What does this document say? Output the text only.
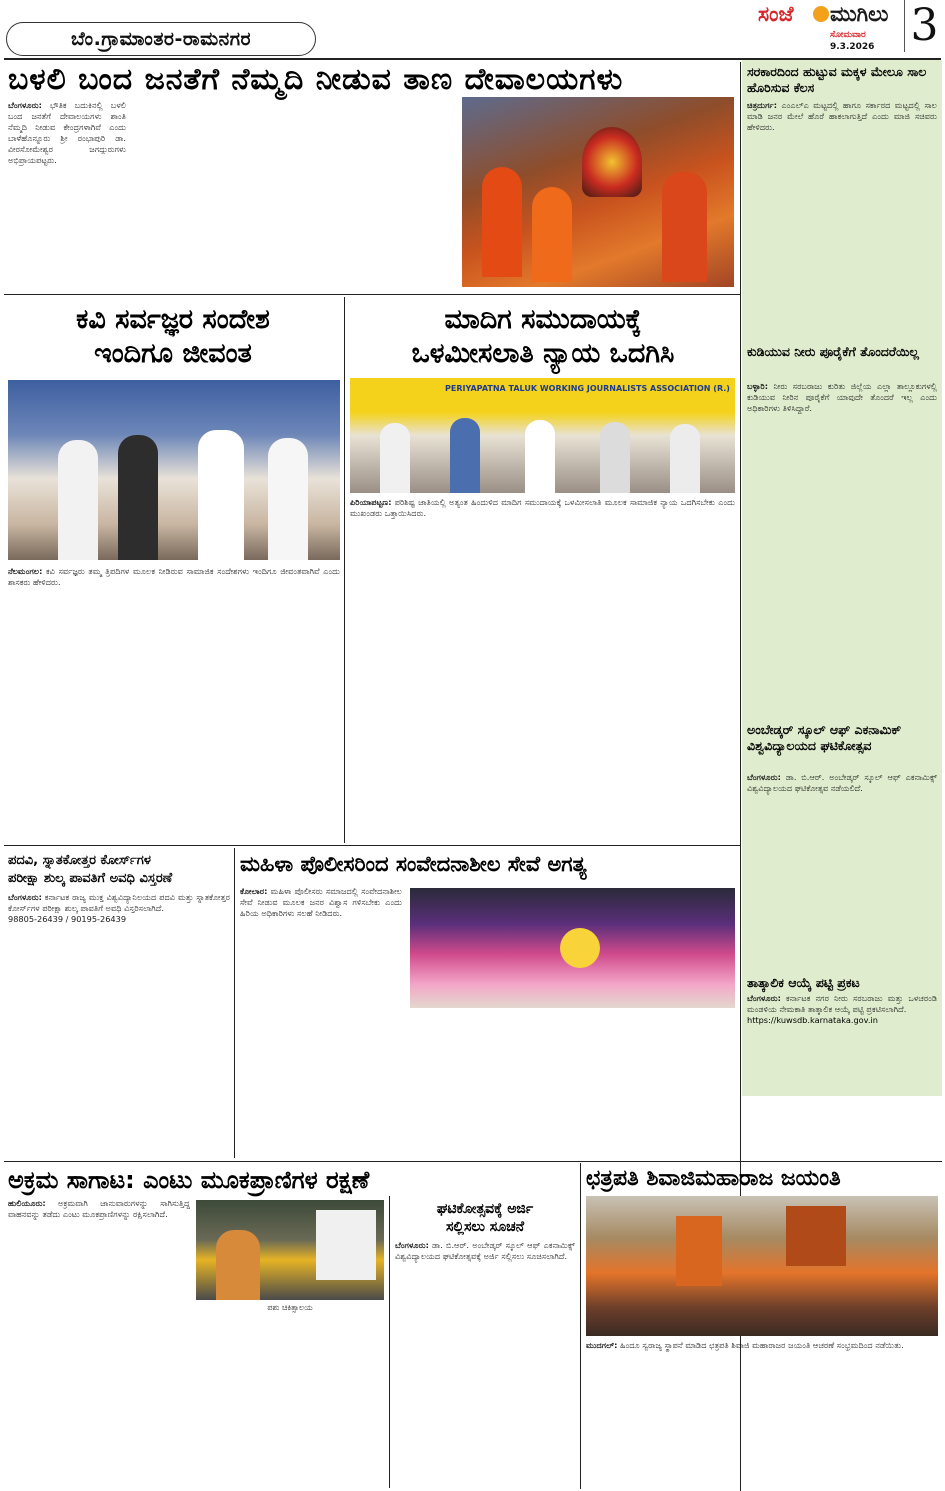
ಬೆಂ.ಗ್ರಾಮಾಂತರ-ರಾಮನಗರ
ಸಂಜೆ ಮುಗಿಲು
ಸೋಮವಾರ
9.3.2026 3
ಬಳಲಿ ಬಂದ ಜನತೆಗೆ ನೆಮ್ಮದಿ ನೀಡುವ ತಾಣ ದೇವಾಲಯಗಳು
ಬೆಂಗಳೂರು: ಭೌತಿಕ ಬದುಕಿನಲ್ಲಿ ಬಳಲಿ ಬಂದ ಜನತೆಗೆ ದೇವಾಲಯಗಳು ಶಾಂತಿ ನೆಮ್ಮದಿ ನೀಡುವ ಕೇಂದ್ರಗಳಾಗಿವೆ ಎಂದು ಬಾಳೆಹೊನ್ನೂರು ಶ್ರೀ ರಂಭಾಪುರಿ ಡಾ. ವೀರಸೋಮೇಶ್ವರ ಜಗದ್ಗುರುಗಳು ಅಭಿಪ್ರಾಯಪಟ್ಟರು.
ಸರಕಾರದಿಂದ ಹುಟ್ಟುವ ಮಕ್ಕಳ ಮೇಲೂ ಸಾಲ ಹೊರಿಸುವ ಕೆಲಸ
ಚಿತ್ರದುರ್ಗ: ಎಂಎಲ್ಎ ಮಟ್ಟದಲ್ಲಿ ಹಾಗೂ ಸರ್ಕಾರದ ಮಟ್ಟದಲ್ಲಿ ಸಾಲ ಮಾಡಿ ಜನರ ಮೇಲೆ ಹೊರೆ ಹಾಕಲಾಗುತ್ತಿದೆ ಎಂದು ಮಾಜಿ ಸಚಿವರು ಹೇಳಿದರು.
ಕುಡಿಯುವ ನೀರು ಪೂರೈಕೆಗೆ ತೊಂದರೆಯಿಲ್ಲ
ಬಳ್ಳಾರಿ: ನೀರು ಸರಬರಾಜು ಕುರಿತು ಜಿಲ್ಲೆಯ ಎಲ್ಲಾ ತಾಲ್ಲೂಕುಗಳಲ್ಲಿ ಕುಡಿಯುವ ನೀರಿನ ಪೂರೈಕೆಗೆ ಯಾವುದೇ ತೊಂದರೆ ಇಲ್ಲ ಎಂದು ಅಧಿಕಾರಿಗಳು ತಿಳಿಸಿದ್ದಾರೆ.
ಅಂಬೇಡ್ಕರ್ ಸ್ಕೂಲ್ ಆಫ್ ಎಕನಾಮಿಕ್ ವಿಶ್ವವಿದ್ಯಾಲಯದ ಘಟಿಕೋತ್ಸವ
ಬೆಂಗಳೂರು: ಡಾ. ಬಿ.ಆರ್. ಅಂಬೇಡ್ಕರ್ ಸ್ಕೂಲ್ ಆಫ್ ಎಕನಾಮಿಕ್ಸ್ ವಿಶ್ವವಿದ್ಯಾಲಯದ ಘಟಿಕೋತ್ಸವ ನಡೆಯಲಿದೆ.
ತಾತ್ಕಾಲಿಕ ಆಯ್ಕೆ ಪಟ್ಟಿ ಪ್ರಕಟ
ಬೆಂಗಳೂರು: ಕರ್ನಾಟಕ ನಗರ ನೀರು ಸರಬರಾಜು ಮತ್ತು ಒಳಚರಂಡಿ ಮಂಡಳಿಯ ನೇಮಕಾತಿ ತಾತ್ಕಾಲಿಕ ಆಯ್ಕೆ ಪಟ್ಟಿ ಪ್ರಕಟಿಸಲಾಗಿದೆ.
https://kuwsdb.karnataka.gov.in
ಕವಿ ಸರ್ವಜ್ಞರ ಸಂದೇಶ
ಇಂದಿಗೂ ಜೀವಂತ
ನೆಲಮಂಗಲ: ಕವಿ ಸರ್ವಜ್ಞರು ತಮ್ಮ ತ್ರಿಪದಿಗಳ ಮೂಲಕ ನೀಡಿರುವ ಸಾಮಾಜಿಕ ಸಂದೇಶಗಳು ಇಂದಿಗೂ ಜೀವಂತವಾಗಿವೆ ಎಂದು ಶಾಸಕರು ಹೇಳಿದರು.
ಮಾದಿಗ ಸಮುದಾಯಕ್ಕೆ
ಒಳಮೀಸಲಾತಿ ನ್ಯಾಯ ಒದಗಿಸಿ
PERIYAPATNA TALUK WORKING JOURNALISTS ASSOCIATION (R.)
ಪಿರಿಯಾಪಟ್ಟಣ: ಪರಿಶಿಷ್ಟ ಜಾತಿಯಲ್ಲಿ ಅತ್ಯಂತ ಹಿಂದುಳಿದ ಮಾದಿಗ ಸಮುದಾಯಕ್ಕೆ ಒಳಮೀಸಲಾತಿ ಮೂಲಕ ಸಾಮಾಜಿಕ ನ್ಯಾಯ ಒದಗಿಸಬೇಕು ಎಂದು ಮುಖಂಡರು ಒತ್ತಾಯಿಸಿದರು.
ಪದವಿ, ಸ್ನಾತಕೋತ್ತರ ಕೋರ್ಸ್‌ಗಳ
ಪರೀಕ್ಷಾ ಶುಲ್ಕ ಪಾವತಿಗೆ ಅವಧಿ ವಿಸ್ತರಣೆ
ಬೆಂಗಳೂರು: ಕರ್ನಾಟಕ ರಾಜ್ಯ ಮುಕ್ತ ವಿಶ್ವವಿದ್ಯಾನಿಲಯದ ಪದವಿ ಮತ್ತು ಸ್ನಾತಕೋತ್ತರ ಕೋರ್ಸ್‌ಗಳ ಪರೀಕ್ಷಾ ಶುಲ್ಕ ಪಾವತಿಗೆ ಅವಧಿ ವಿಸ್ತರಿಸಲಾಗಿದೆ.
98805-26439 / 90195-26439
ಮಹಿಳಾ ಪೊಲೀಸರಿಂದ ಸಂವೇದನಾಶೀಲ ಸೇವೆ ಅಗತ್ಯ
ಕೋಲಾರ: ಮಹಿಳಾ ಪೊಲೀಸರು ಸಮಾಜದಲ್ಲಿ ಸಂವೇದನಾಶೀಲ ಸೇವೆ ನೀಡುವ ಮೂಲಕ ಜನರ ವಿಶ್ವಾಸ ಗಳಿಸಬೇಕು ಎಂದು ಹಿರಿಯ ಅಧಿಕಾರಿಗಳು ಸಲಹೆ ನೀಡಿದರು.
ಅಕ್ರಮ ಸಾಗಾಟ: ಎಂಟು ಮೂಕಪ್ರಾಣಿಗಳ ರಕ್ಷಣೆ
ಹುಲಿಯೂರು: ಅಕ್ರಮವಾಗಿ ಜಾನುವಾರುಗಳನ್ನು ಸಾಗಿಸುತ್ತಿದ್ದ ವಾಹನವನ್ನು ತಡೆದು ಎಂಟು ಮೂಕಪ್ರಾಣಿಗಳನ್ನು ರಕ್ಷಿಸಲಾಗಿದೆ.
ಪಶು ಚಿಕಿತ್ಸಾಲಯ
ಘಟಿಕೋತ್ಸವಕ್ಕೆ ಅರ್ಜಿ
ಸಲ್ಲಿಸಲು ಸೂಚನೆ
ಬೆಂಗಳೂರು: ಡಾ. ಬಿ.ಆರ್. ಅಂಬೇಡ್ಕರ್ ಸ್ಕೂಲ್ ಆಫ್ ಎಕನಾಮಿಕ್ಸ್ ವಿಶ್ವವಿದ್ಯಾಲಯದ ಘಟಿಕೋತ್ಸವಕ್ಕೆ ಅರ್ಜಿ ಸಲ್ಲಿಸಲು ಸೂಚಿಸಲಾಗಿದೆ.
ಛತ್ರಪತಿ ಶಿವಾಜಿಮಹಾರಾಜ ಜಯಂತಿ
ಮುದಗಲ್: ಹಿಂದೂ ಸ್ವರಾಜ್ಯ ಸ್ಥಾಪನೆ ಮಾಡಿದ ಛತ್ರಪತಿ ಶಿವಾಜಿ ಮಹಾರಾಜರ ಜಯಂತಿ ಆಚರಣೆ ಸಂಭ್ರಮದಿಂದ ನಡೆಯಿತು.
